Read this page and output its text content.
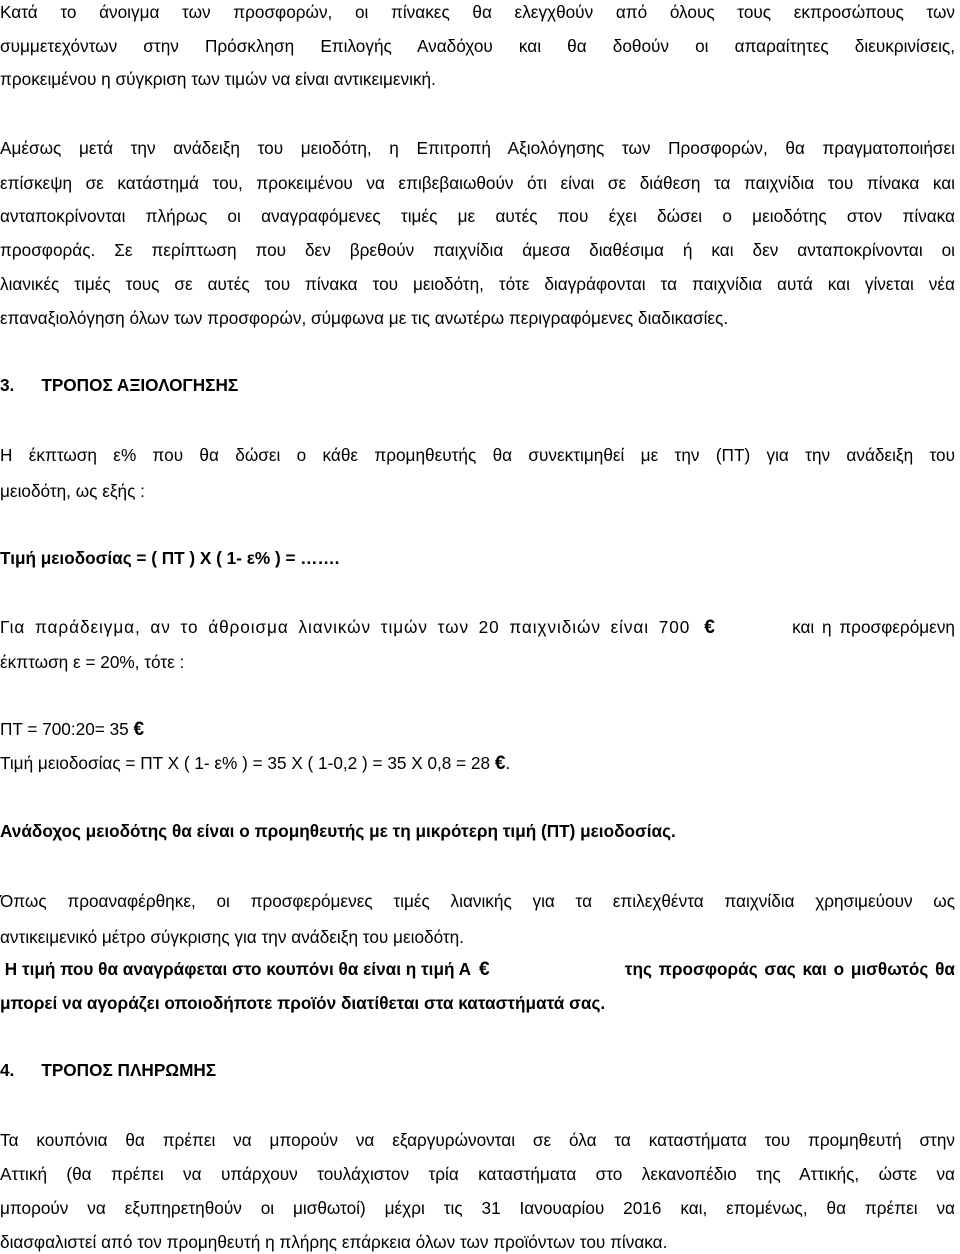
Κατά το άνοιγμα των προσφορών, οι πίνακες θα ελεγχθούν από όλους τους εκπροσώπους των
συμμετεχόντων στην Πρόσκληση Επιλογής Αναδόχου και θα δοθούν οι απαραίτητες διευκρινίσεις,
προκειμένου η σύγκριση των τιμών να είναι αντικειμενική.
Αμέσως μετά την ανάδειξη του μειοδότη, η Επιτροπή Αξιολόγησης των Προσφορών, θα πραγματοποιήσει
επίσκεψη σε κατάστημά του, προκειμένου να επιβεβαιωθούν ότι είναι σε διάθεση τα παιχνίδια του πίνακα και
ανταποκρίνονται πλήρως οι αναγραφόμενες τιμές με αυτές που έχει δώσει ο μειοδότης στον πίνακα
προσφοράς. Σε περίπτωση που δεν βρεθούν παιχνίδια άμεσα διαθέσιμα ή και δεν ανταποκρίνονται οι
λιανικές τιμές τους σε αυτές του πίνακα του μειοδότη, τότε διαγράφονται τα παιχνίδια αυτά και γίνεται νέα
επαναξιολόγηση όλων των προσφορών, σύμφωνα με τις ανωτέρω περιγραφόμενες διαδικασίες.
3. ΤΡΟΠΟΣ ΑΞΙΟΛΟΓΗΣΗΣ
Η έκπτωση ε% που θα δώσει ο κάθε προμηθευτής θα συνεκτιμηθεί με την (ΠΤ) για την ανάδειξη του
μειοδότη, ως εξής :
Τιμή μειοδοσίας = ( ΠΤ ) Χ ( 1- ε% ) = …….
Για παράδειγμα, αν το άθροισμα λιανικών τιμών των 20 παιχνιδιών είναι 700 €	και η προσφερόμενη
έκπτωση ε = 20%, τότε :
ΠΤ = 700:20= 35 €
Τιμή μειοδοσίας = ΠΤ Χ ( 1- ε% ) = 35 Χ ( 1-0,2 ) = 35 Χ 0,8 = 28 €.
Ανάδοχος μειοδότης θα είναι ο προμηθευτής με τη μικρότερη τιμή (ΠΤ) μειοδοσίας.
Όπως προαναφέρθηκε, οι προσφερόμενες τιμές λιανικής για τα επιλεχθέντα παιχνίδια χρησιμεύουν ως
αντικειμενικό μέτρο σύγκρισης για την ανάδειξη του μειοδότη.
Η τιμή που θα αναγράφεται στο κουπόνι θα είναι η τιμή Α €	της προσφοράς σας και ο μισθωτός θα
μπορεί να αγοράζει οποιοδήποτε προϊόν διατίθεται στα καταστήματά σας.
4. ΤΡΟΠΟΣ ΠΛΗΡΩΜΗΣ
Τα κουπόνια θα πρέπει να μπορούν να εξαργυρώνονται σε όλα τα καταστήματα του προμηθευτή στην
Αττική (θα πρέπει να υπάρχουν τουλάχιστον τρία καταστήματα στο λεκανοπέδιο της Αττικής, ώστε να
μπορούν να εξυπηρετηθούν οι μισθωτοί) μέχρι τις 31 Ιανουαρίου 2016 και, επομένως, θα πρέπει να
διασφαλιστεί από τον προμηθευτή η πλήρης επάρκεια όλων των προϊόντων του πίνακα.
